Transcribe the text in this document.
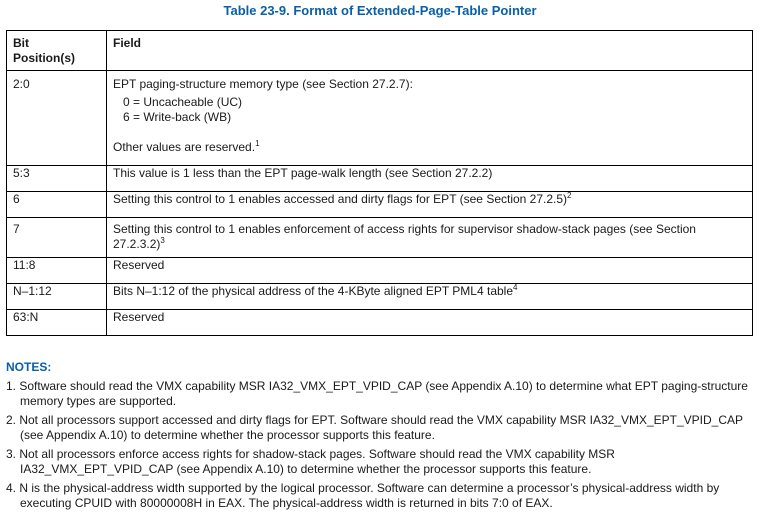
Table 23-9. Format of Extended-Page-Table Pointer
Bit
Position(s)	Field
2:0	EPT paging-structure memory type (see Section 27.2.7):
0 = Uncacheable (UC)
6 = Write-back (WB)
Other values are reserved.$^1$

5:3	This value is 1 less than the EPT page-walk length (see Section 27.2.2)
6	Setting this control to 1 enables accessed and dirty flags for EPT (see Section 27.2.5)$^2$
7	Setting this control to 1 enables enforcement of access rights for supervisor shadow-stack pages (see Section 27.2.3.2)$^3$
11:8	Reserved
N–1:12	Bits N–1:12 of the physical address of the 4-KByte aligned EPT PML4 table$^4$
63:N	Reserved
NOTES:
1. Software should read the VMX capability MSR IA32_VMX_EPT_VPID_CAP (see Appendix A.10) to determine what EPT paging-structure memory types are supported.
2. Not all processors support accessed and dirty flags for EPT. Software should read the VMX capability MSR IA32_VMX_EPT_VPID_CAP (see Appendix A.10) to determine whether the processor supports this feature.
3. Not all processors enforce access rights for shadow-stack pages. Software should read the VMX capability MSR IA32_VMX_EPT_VPID_CAP (see Appendix A.10) to determine whether the processor supports this feature.
4. N is the physical-address width supported by the logical processor. Software can determine a processor’s physical-address width by executing CPUID with 80000008H in EAX. The physical-address width is returned in bits 7:0 of EAX.
